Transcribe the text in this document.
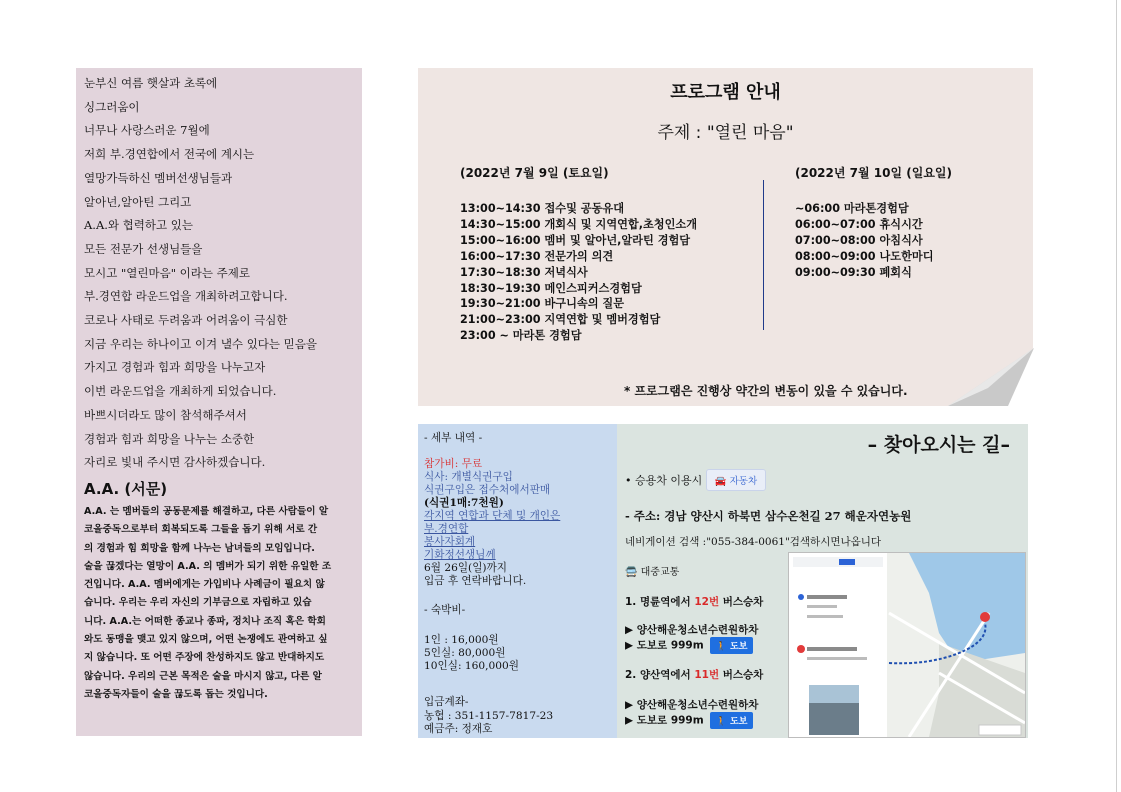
눈부신 여름 햇살과 초록에
싱그러움이
너무나 사랑스러운 7월에
저희 부.경연합에서 전국에 계시는
열망가득하신 멤버선생님들과
알아넌,알아틴 그리고
A.A.와 협력하고 있는
모든 전문가 선생님들을
모시고 "열린마음" 이라는 주제로
부.경연합 라운드업을 개최하려고합니다.
코로나 사태로 두려움과 어려움이 극심한
지금 우리는 하나이고 이겨 낼수 있다는 믿음을
가지고 경험과 힘과 희망을 나누고자
이번 라운드업을 개최하게 되었습니다.
바쁘시더라도 많이 참석해주셔서
경험과 힘과 희망을 나누는 소중한
자리로 빛내 주시면 감사하겠습니다.
A.A. (서문)

A.A. 는 멤버들의 공동문제를 해결하고, 다른 사람들이 알

코올중독으로부터 회복되도록 그들을 돕기 위해 서로 간

의 경험과 힘 희망을 함께 나누는 남녀들의 모임입니다.

술을 끊겠다는 열망이 A.A. 의 멤버가 되기 위한 유일한 조

건입니다. A.A. 멤버에게는 가입비나 사례금이 필요치 않

습니다. 우리는 우리 자신의 기부금으로 자립하고 있습

니다. A.A.는 어떠한 종교나 종파, 정치나 조직 혹은 학회

와도 동맹을 맺고 있지 않으며, 어떤 논쟁에도 관여하고 싶

지 않습니다. 또 어떤 주장에 찬성하지도 않고 반대하지도

않습니다. 우리의 근본 목적은 술을 마시지 않고, 다른 알

코올중독자들이 술을 끊도록 돕는 것입니다.

프로그램 안내
주제 : "열린 마음"
(2022년 7월 9일 (토요일)	(2022년 7월 10일 (일요일)
13:00~14:30 접수및 공동유대
14:30~15:00 개회식 및 지역연합,초청인소개
15:00~16:00 멤버 및 알아넌,알라틴 경험담
16:00~17:30 전문가의 의견
17:30~18:30 저녁식사
18:30~19:30 메인스피커스경험담
19:30~21:00 바구니속의 질문
21:00~23:00 지역연합 및 멤버경험담
23:00 ~ 마라톤 경험담
~06:00 마라톤경험담
06:00~07:00 휴식시간
07:00~08:00 아침식사
08:00~09:00 나도한마디
09:00~09:30 폐회식
* 프로그램은 진행상 약간의 변동이 있을 수 있습니다.
- 세부 내역 -
참가비: 무료
식사: 개별식권구입
식권구입은 접수처에서판매
(식권1매:7천원)
각지역 연합과 단체 및 개인은
부.경연합
봉사자회계
기화정선생님께
6월 26일(일)까지
입금 후 연락바랍니다.
- 숙박비-
1인 : 16,000원
5인실: 80,000원
10인실: 160,000원
입금계좌-
농협 : 351-1157-7817-23
예금주: 정재호
– 찾아오시는 길–
• 승용차 이용시 🚘 자동차
- 주소: 경남 양산시 하북면 삼수온천길 27 해운자연농원
네비게이션 검색 :"055-384-0061"검색하시면나옵니다
🚍 대중교통
1. 명륜역에서 12번 버스승차
▶ 양산해운청소년수련원하차
▶ 도보로 999m 🚶 도보
2. 양산역에서 11번 버스승차
▶ 양산해운청소년수련원하차
▶ 도보로 999m 🚶 도보
